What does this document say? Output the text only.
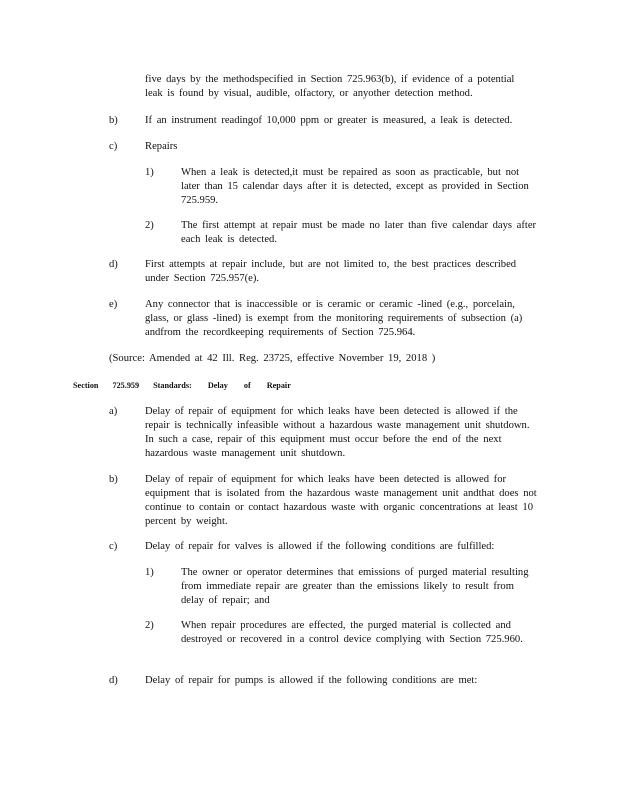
five days by the methodspecified in Section 725.963(b), if evidence of a potential leak is found by visual, audible, olfactory, or anyother detection method.

b)	If an instrument readingof 10,000 ppm or greater is measured, a leak is detected.

c)	Repairs

1)	When a leak is detected,it must be repaired as soon as practicable, but not later than 15 calendar days after it is detected, except as provided in Section 725.959.

2)	The first attempt at repair must be made no later than five calendar days after each leak is detected.

d)	First attempts at repair include, but are not limited to, the best practices described under Section 725.957(e).

e)	Any connector that is inaccessible or is ceramic or ceramic -lined (e.g., porcelain, glass, or glass -lined) is exempt from the monitoring requirements of subsection (a) andfrom the recordkeeping requirements of Section 725.964.

(Source: Amended at 42 Ill. Reg. 23725, effective November 19, 2018 )

Section 725.959 Standards: Delay of Repair

a)	Delay of repair of equipment for which leaks have been detected is allowed if the repair is technically infeasible without a hazardous waste management unit shutdown. In such a case, repair of this equipment must occur before the end of the next hazardous waste management unit shutdown.

b)	Delay of repair of equipment for which leaks have been detected is allowed for equipment that is isolated from the hazardous waste management unit andthat does not continue to contain or contact hazardous waste with organic concentrations at least 10 percent by weight.

c)	Delay of repair for valves is allowed if the following conditions are fulfilled:

1)	The owner or operator determines that emissions of purged material resulting from immediate repair are greater than the emissions likely to result from delay of repair; and

2)	When repair procedures are effected, the purged material is collected and destroyed or recovered in a control device complying with Section 725.960.

d)	Delay of repair for pumps is allowed if the following conditions are met:
